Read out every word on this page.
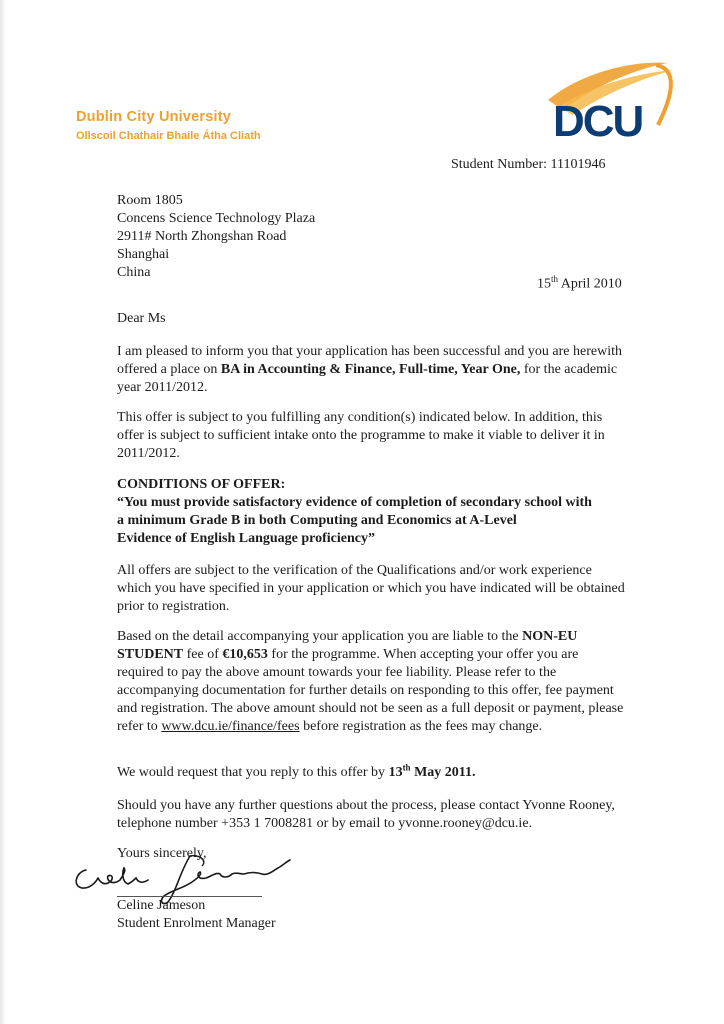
Dublin City University
Ollscoil Chathair Bhaile Átha Cliath	DCU
Student Number: 11101946
Room 1805
Concens Science Technology Plaza
2911# North Zhongshan Road
Shanghai
China
15th April 2010
Dear Ms
I am pleased to inform you that your application has been successful and you are herewith offered a place on BA in Accounting & Finance, Full-time, Year One, for the academic year 2011/2012.
This offer is subject to you fulfilling any condition(s) indicated below. In addition, this offer is subject to sufficient intake onto the programme to make it viable to deliver it in 2011/2012.
CONDITIONS OF OFFER:
“You must provide satisfactory evidence of completion of secondary school with
a minimum Grade B in both Computing and Economics at A-Level
Evidence of English Language proficiency”
All offers are subject to the verification of the Qualifications and/or work experience which you have specified in your application or which you have indicated will be obtained prior to registration.
Based on the detail accompanying your application you are liable to the NON-EU STUDENT fee of €10,653 for the programme. When accepting your offer you are required to pay the above amount towards your fee liability. Please refer to the accompanying documentation for further details on responding to this offer, fee payment and registration. The above amount should not be seen as a full deposit or payment, please refer to www.dcu.ie/finance/fees before registration as the fees may change.
We would request that you reply to this offer by 13th May 2011.
Should you have any further questions about the process, please contact Yvonne Rooney, telephone number +353 1 7008281 or by email to yvonne.rooney@dcu.ie.
Yours sincerely,
Celine Jameson
Student Enrolment Manager
